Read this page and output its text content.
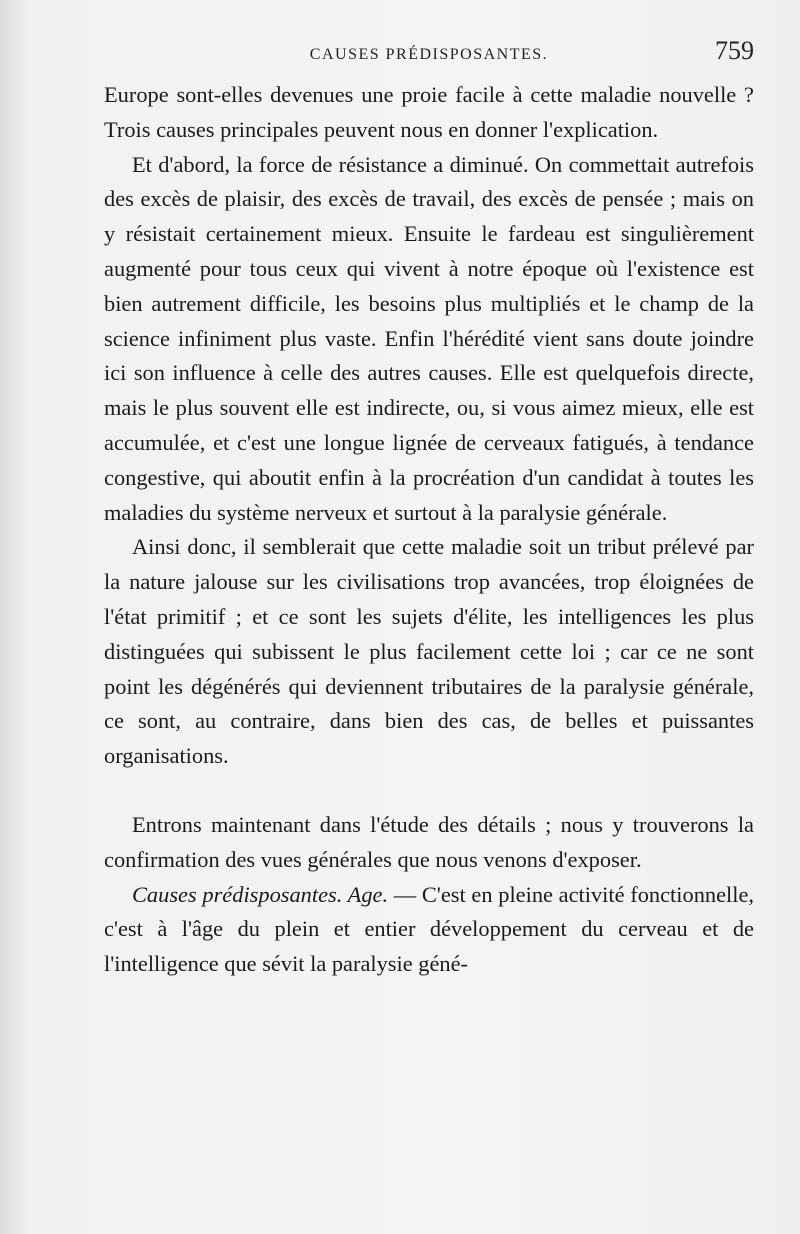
CAUSES PRÉDISPOSANTES.	759

Europe sont-elles devenues une proie facile à cette maladie nouvelle ? Trois causes principales peuvent nous en donner l'explication.

Et d'abord, la force de résistance a diminué. On commettait autrefois des excès de plaisir, des excès de travail, des excès de pensée ; mais on y résistait certainement mieux. Ensuite le fardeau est singulièrement augmenté pour tous ceux qui vivent à notre époque où l'existence est bien autrement difficile, les besoins plus multipliés et le champ de la science infiniment plus vaste. Enfin l'hérédité vient sans doute joindre ici son influence à celle des autres causes. Elle est quelquefois directe, mais le plus souvent elle est indirecte, ou, si vous aimez mieux, elle est accumulée, et c'est une longue lignée de cerveaux fatigués, à tendance congestive, qui aboutit enfin à la procréation d'un candidat à toutes les maladies du système nerveux et surtout à la paralysie générale.

Ainsi donc, il semblerait que cette maladie soit un tribut prélevé par la nature jalouse sur les civilisations trop avancées, trop éloignées de l'état primitif ; et ce sont les sujets d'élite, les intelligences les plus distinguées qui subissent le plus facilement cette loi ; car ce ne sont point les dégénérés qui deviennent tributaires de la paralysie générale, ce sont, au contraire, dans bien des cas, de belles et puissantes organisations.

Entrons maintenant dans l'étude des détails ; nous y trouverons la confirmation des vues générales que nous venons d'exposer.

Causes prédisposantes. Age. — C'est en pleine activité fonctionnelle, c'est à l'âge du plein et entier développement du cerveau et de l'intelligence que sévit la paralysie géné-
